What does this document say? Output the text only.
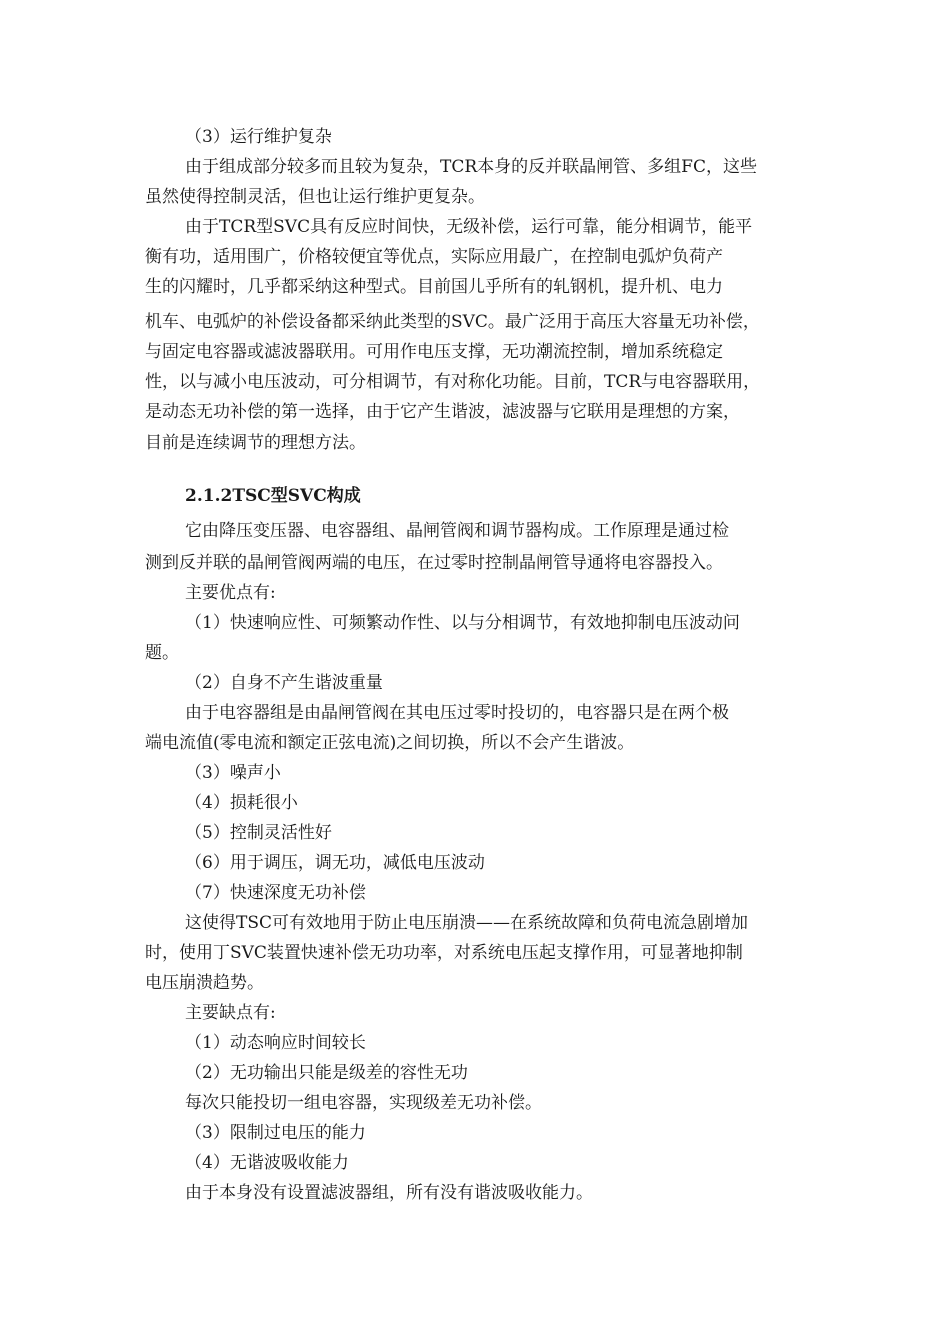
（3）运行维护复杂
由于组成部分较多而且较为复杂，TCR本身的反并联晶闸管、多组FC，这些
虽然使得控制灵活，但也让运行维护更复杂。
由于TCR型SVC具有反应时间快，无级补偿，运行可靠，能分相调节，能平
衡有功，适用围广，价格较便宜等优点，实际应用最广，在控制电弧炉负荷产
生的闪耀时，几乎都采纳这种型式。目前国儿乎所有的轧钢机，提升机、电力
机车、电弧炉的补偿设备都采纳此类型的SVC。最广泛用于高压大容量无功补偿，
与固定电容器或滤波器联用。可用作电压支撑，无功潮流控制，增加系统稳定
性，以与减小电压波动，可分相调节，有对称化功能。目前，TCR与电容器联用，
是动态无功补偿的第一选择，由于它产生谐波，滤波器与它联用是理想的方案，
目前是连续调节的理想方法。
2.1.2TSC型SVC构成
它由降压变压器、电容器组、晶闸管阀和调节器构成。工作原理是通过检
测到反并联的晶闸管阀两端的电压，在过零时控制晶闸管导通将电容器投入。
主要优点有:
（1）快速响应性、可频繁动作性、以与分相调节，有效地抑制电压波动问
题。
（2）自身不产生谐波重量
由于电容器组是由晶闸管阀在其电压过零时投切的，电容器只是在两个极
端电流值(零电流和额定正弦电流)之间切换，所以不会产生谐波。
（3）噪声小
（4）损耗很小
（5）控制灵活性好
（6）用于调压，调无功，减低电压波动
（7）快速深度无功补偿
这使得TSC可有效地用于防止电压崩溃——在系统故障和负荷电流急剧增加
时，使用丁SVC装置快速补偿无功功率，对系统电压起支撑作用，可显著地抑制
电压崩溃趋势。
主要缺点有:
（1）动态响应时间较长
（2）无功输出只能是级差的容性无功
每次只能投切一组电容器，实现级差无功补偿。
（3）限制过电压的能力
（4）无谐波吸收能力
由于本身没有设置滤波器组，所有没有谐波吸收能力。
